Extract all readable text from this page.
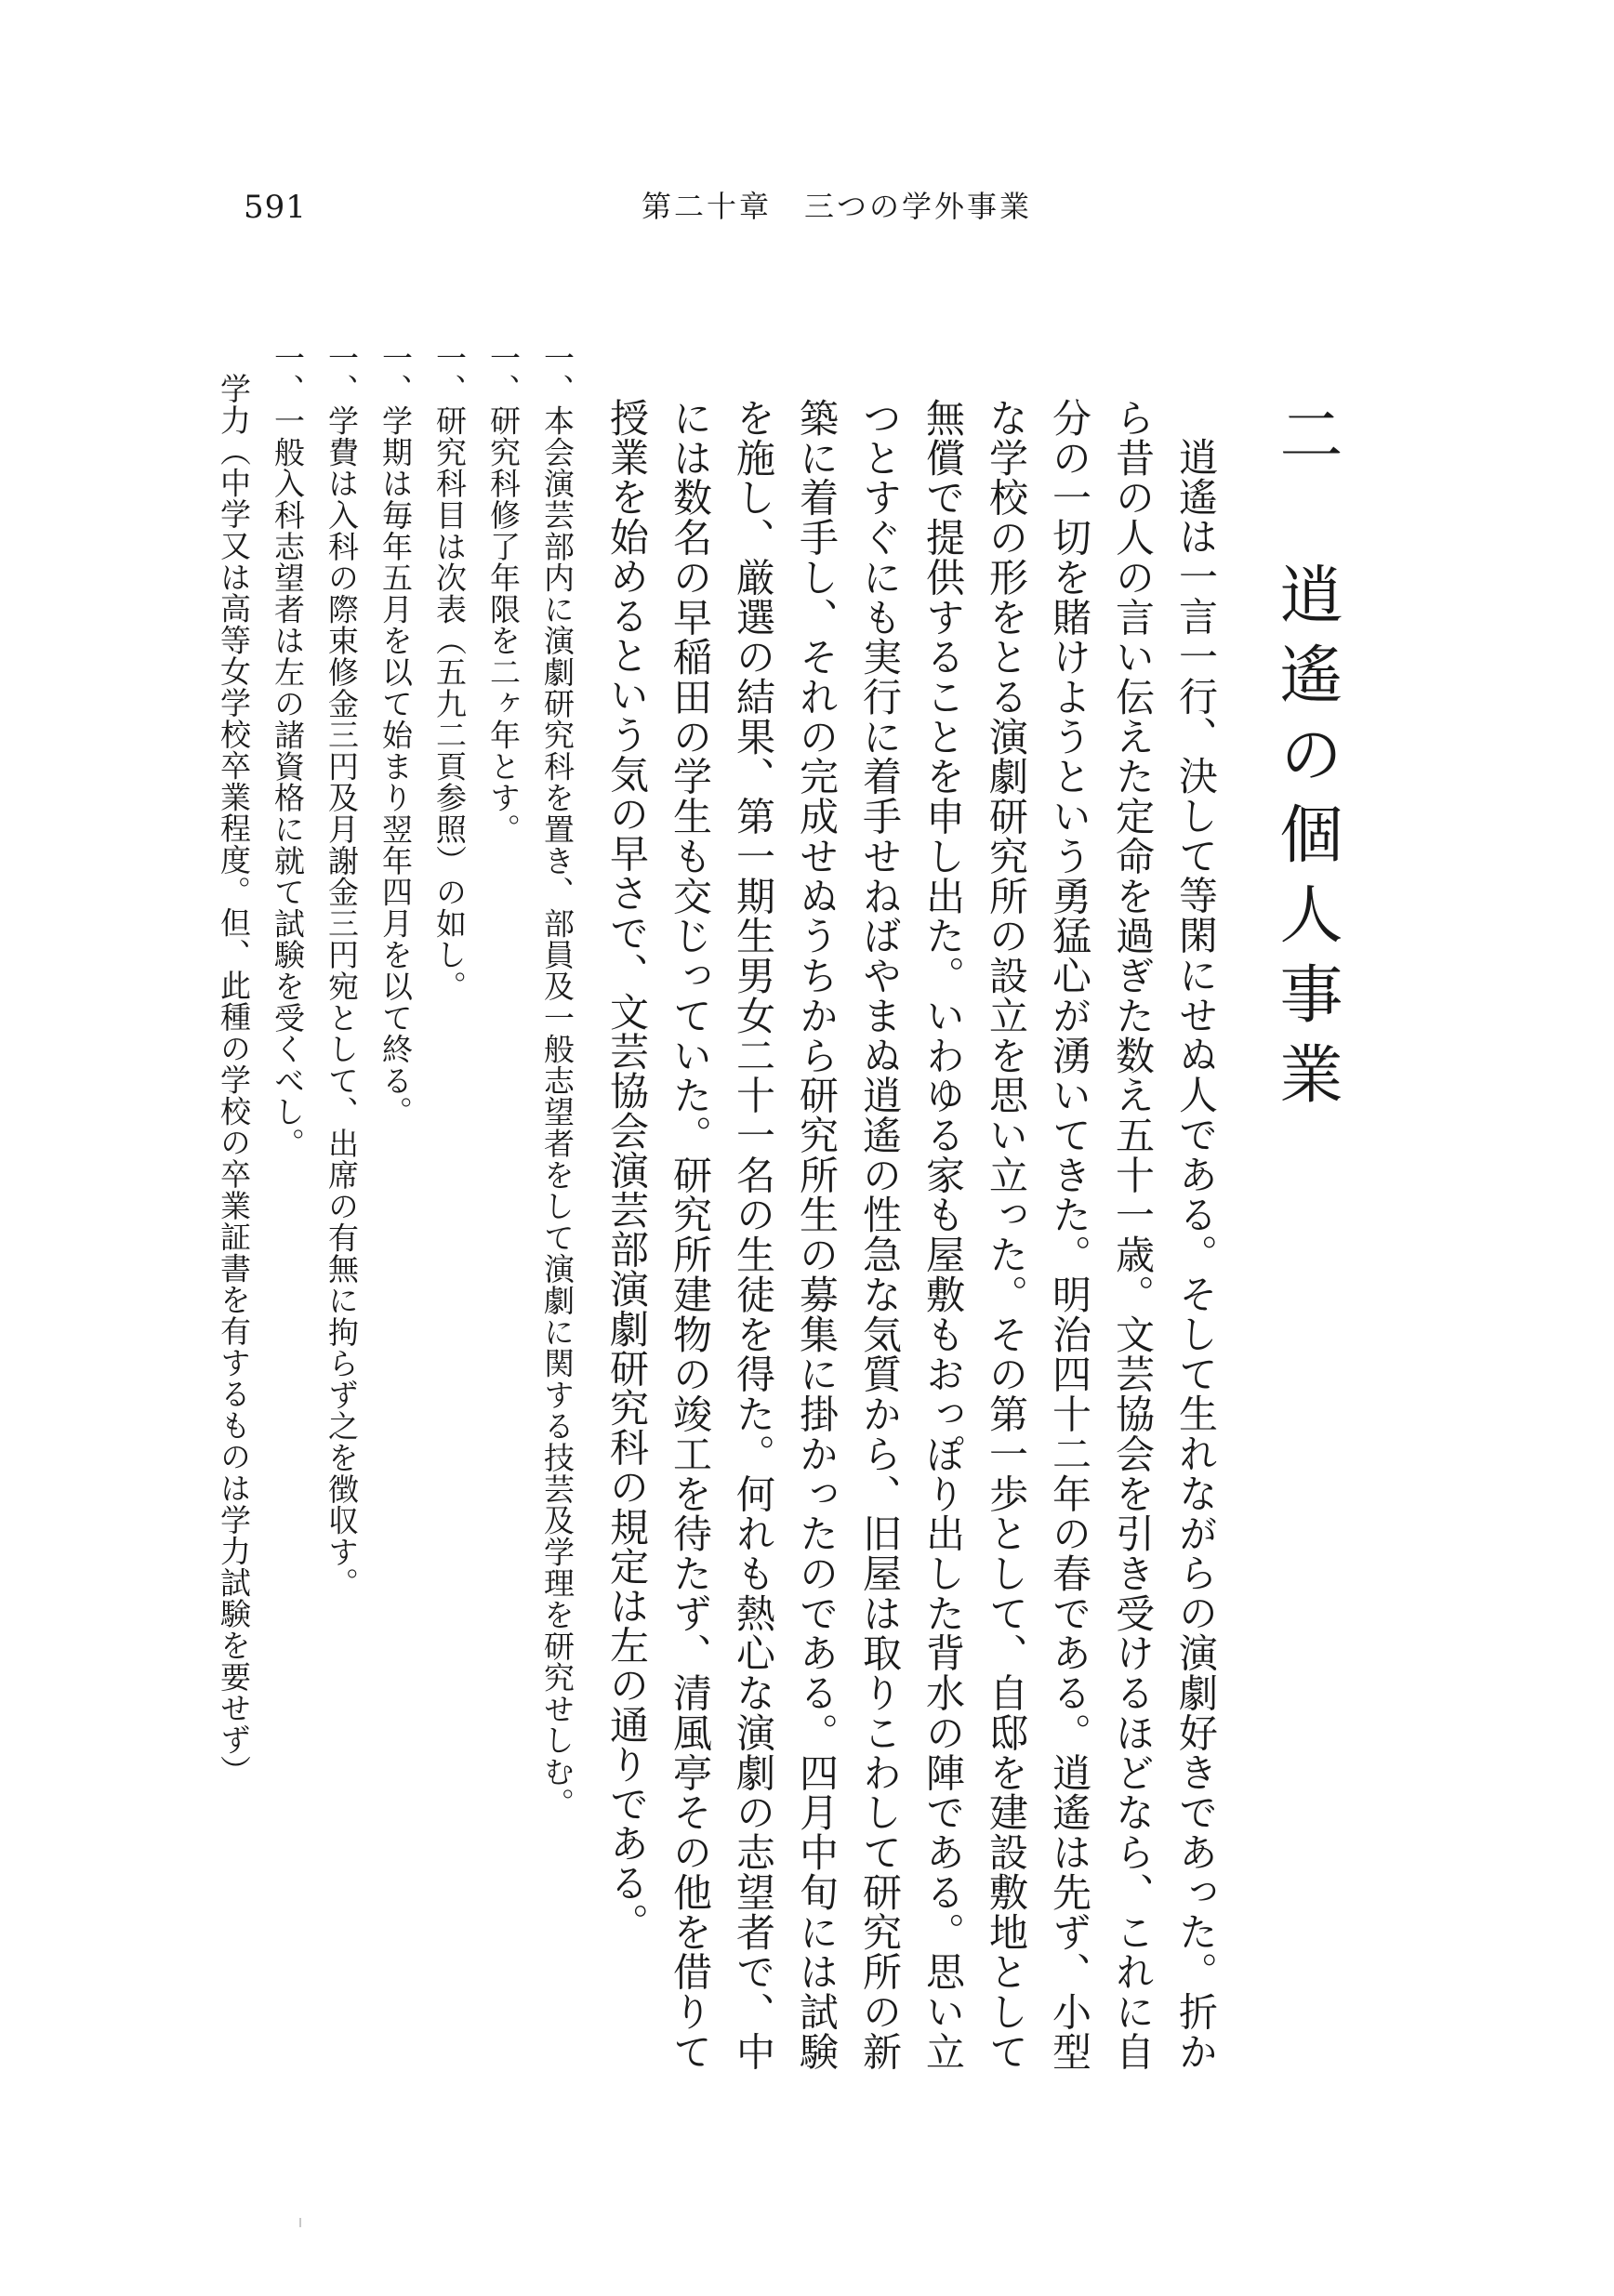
591	第二十章　三つの学外事業
二　逍遙の個人事業

逍遙は一言一行、決して等閑にせぬ人である。そして生れながらの演劇好きであった。折から昔の人の言い伝えた定命を過ぎた数え五十一歳。文芸協会を引き受けるほどなら、これに自分の一切を賭けようという勇猛心が湧いてきた。明治四十二年の春である。逍遙は先ず、小型な学校の形をとる演劇研究所の設立を思い立った。その第一歩として、自邸を建設敷地として無償で提供することを申し出た。いわゆる家も屋敷もおっぽり出した背水の陣である。思い立つとすぐにも実行に着手せねばやまぬ逍遙の性急な気質から、旧屋は取りこわして研究所の新築に着手し、それの完成せぬうちから研究所生の募集に掛かったのである。四月中旬には試験を施し、厳選の結果、第一期生男女二十一名の生徒を得た。何れも熱心な演劇の志望者で、中には数名の早稲田の学生も交じっていた。研究所建物の竣工を待たず、清風亭その他を借りて授業を始めるという気の早さで、文芸協会演芸部演劇研究科の規定は左の通りである。

一、本会演芸部内に演劇研究科を置き、部員及一般志望者をして演劇に関する技芸及学理を研究せしむ。

一、研究科修了年限を二ヶ年とす。

一、研究科目は次表（五九二頁参照）の如し。

一、学期は毎年五月を以て始まり翌年四月を以て終る。

一、学費は入科の際束修金三円及月謝金三円宛として、出席の有無に拘らず之を徴収す。

一、一般入科志望者は左の諸資格に就て試験を受くべし。

学力（中学又は高等女学校卒業程度。但、此種の学校の卒業証書を有するものは学力試験を要せず）
